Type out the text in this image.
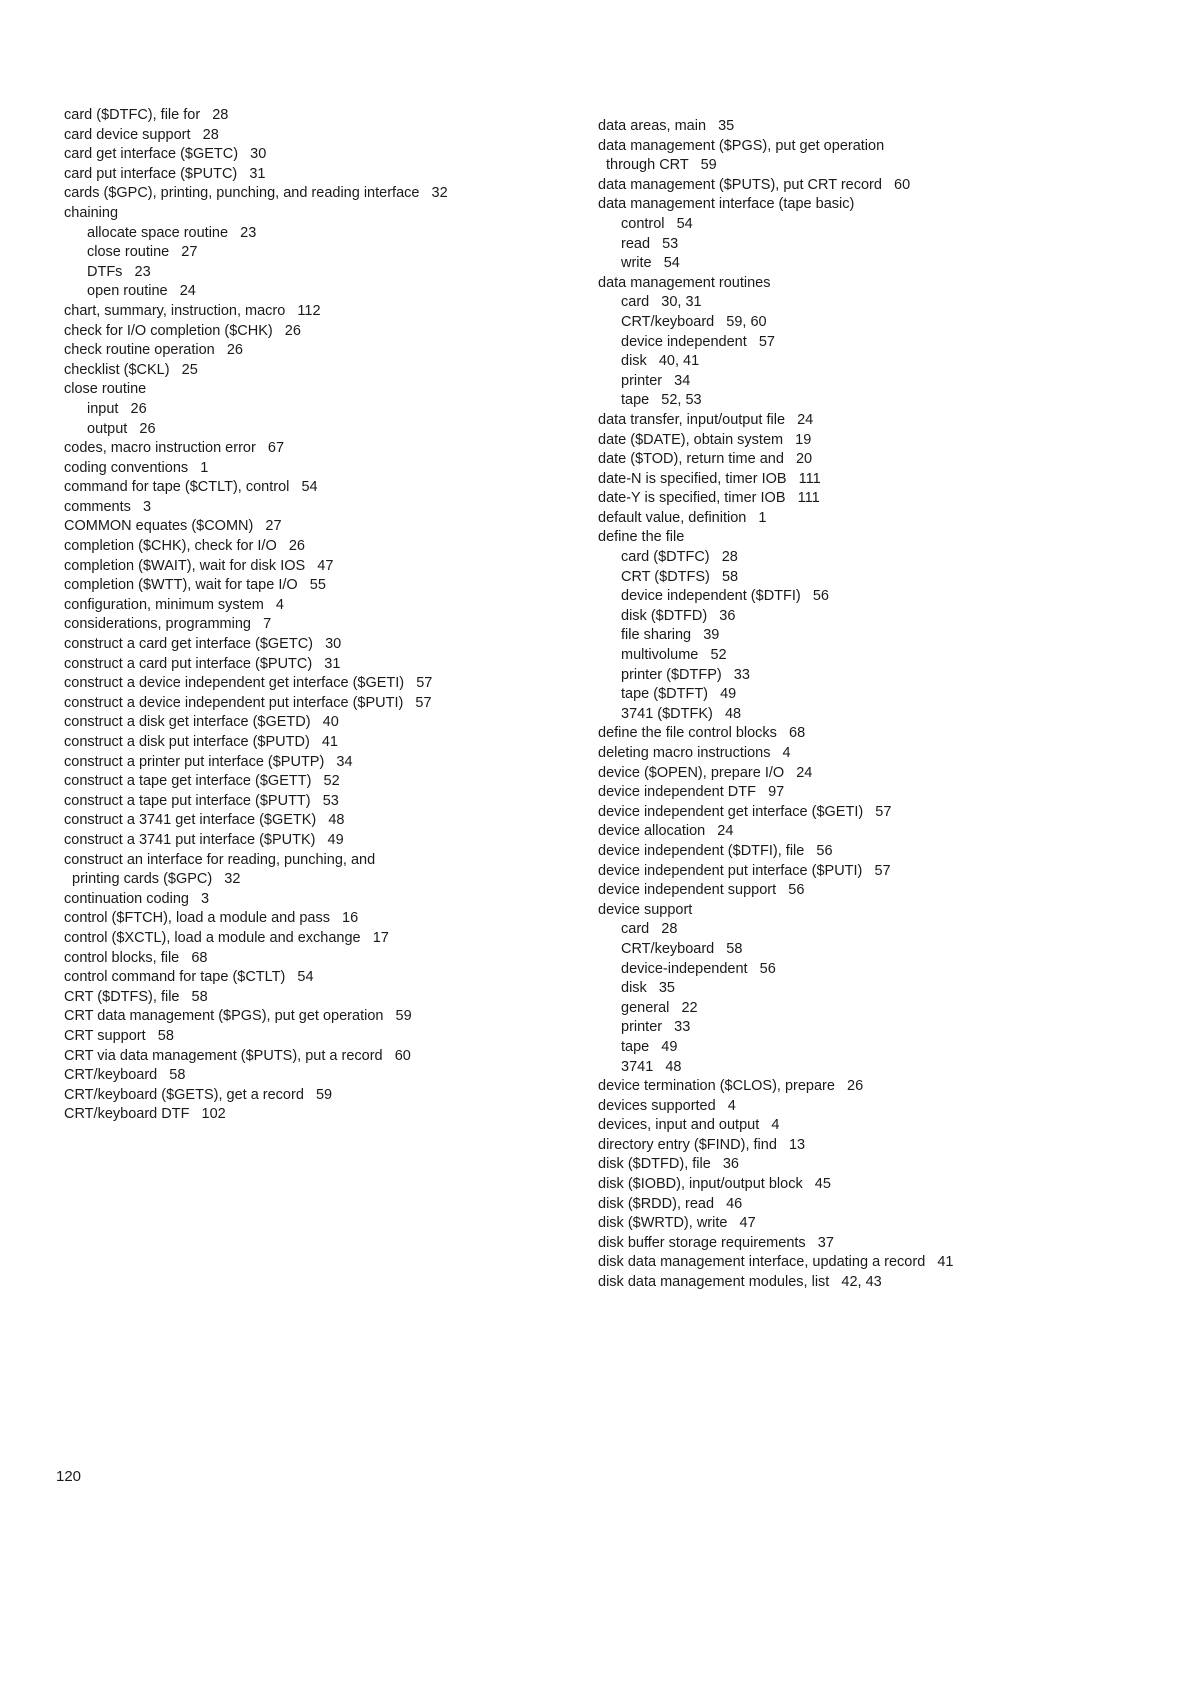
card ($DTFC), file for   28
card device support   28
card get interface ($GETC)   30
card put interface ($PUTC)   31
cards ($GPC), printing, punching, and reading interface   32
chaining
allocate space routine   23
close routine   27
DTFs   23
open routine   24
chart, summary, instruction, macro   112
check for I/O completion ($CHK)   26
check routine operation   26
checklist ($CKL)   25
close routine
input   26
output   26
codes, macro instruction error   67
coding conventions   1
command for tape ($CTLT), control   54
comments   3
COMMON equates ($COMN)   27
completion ($CHK), check for I/O   26
completion ($WAIT), wait for disk IOS   47
completion ($WTT), wait for tape I/O   55
configuration, minimum system   4
considerations, programming   7
construct a card get interface ($GETC)   30
construct a card put interface ($PUTC)   31
construct a device independent get interface ($GETI)   57
construct a device independent put interface ($PUTI)   57
construct a disk get interface ($GETD)   40
construct a disk put interface ($PUTD)   41
construct a printer put interface ($PUTP)   34
construct a tape get interface ($GETT)   52
construct a tape put interface ($PUTT)   53
construct a 3741 get interface ($GETK)   48
construct a 3741 put interface ($PUTK)   49
construct an interface for reading, punching, and
printing cards ($GPC)   32
continuation coding   3
control ($FTCH), load a module and pass   16
control ($XCTL), load a module and exchange   17
control blocks, file   68
control command for tape ($CTLT)   54
CRT ($DTFS), file   58
CRT data management ($PGS), put get operation   59
CRT support   58
CRT via data management ($PUTS), put a record   60
CRT/keyboard   58
CRT/keyboard ($GETS), get a record   59
CRT/keyboard DTF   102
data areas, main   35
data management ($PGS), put get operation
through CRT   59
data management ($PUTS), put CRT record   60
data management interface (tape basic)
control   54
read   53
write   54
data management routines
card   30, 31
CRT/keyboard   59, 60
device independent   57
disk   40, 41
printer   34
tape   52, 53
data transfer, input/output file   24
date ($DATE), obtain system   19
date ($TOD), return time and   20
date-N is specified, timer IOB   111
date-Y is specified, timer IOB   111
default value, definition   1
define the file
card ($DTFC)   28
CRT ($DTFS)   58
device independent ($DTFI)   56
disk ($DTFD)   36
file sharing   39
multivolume   52
printer ($DTFP)   33
tape ($DTFT)   49
3741 ($DTFK)   48
define the file control blocks   68
deleting macro instructions   4
device ($OPEN), prepare I/O   24
device independent DTF   97
device independent get interface ($GETI)   57
device allocation   24
device independent ($DTFI), file   56
device independent put interface ($PUTI)   57
device independent support   56
device support
card   28
CRT/keyboard   58
device-independent   56
disk   35
general   22
printer   33
tape   49
3741   48
device termination ($CLOS), prepare   26
devices supported   4
devices, input and output   4
directory entry ($FIND), find   13
disk ($DTFD), file   36
disk ($IOBD), input/output block   45
disk ($RDD), read   46
disk ($WRTD), write   47
disk buffer storage requirements   37
disk data management interface, updating a record   41
disk data management modules, list   42, 43
120
